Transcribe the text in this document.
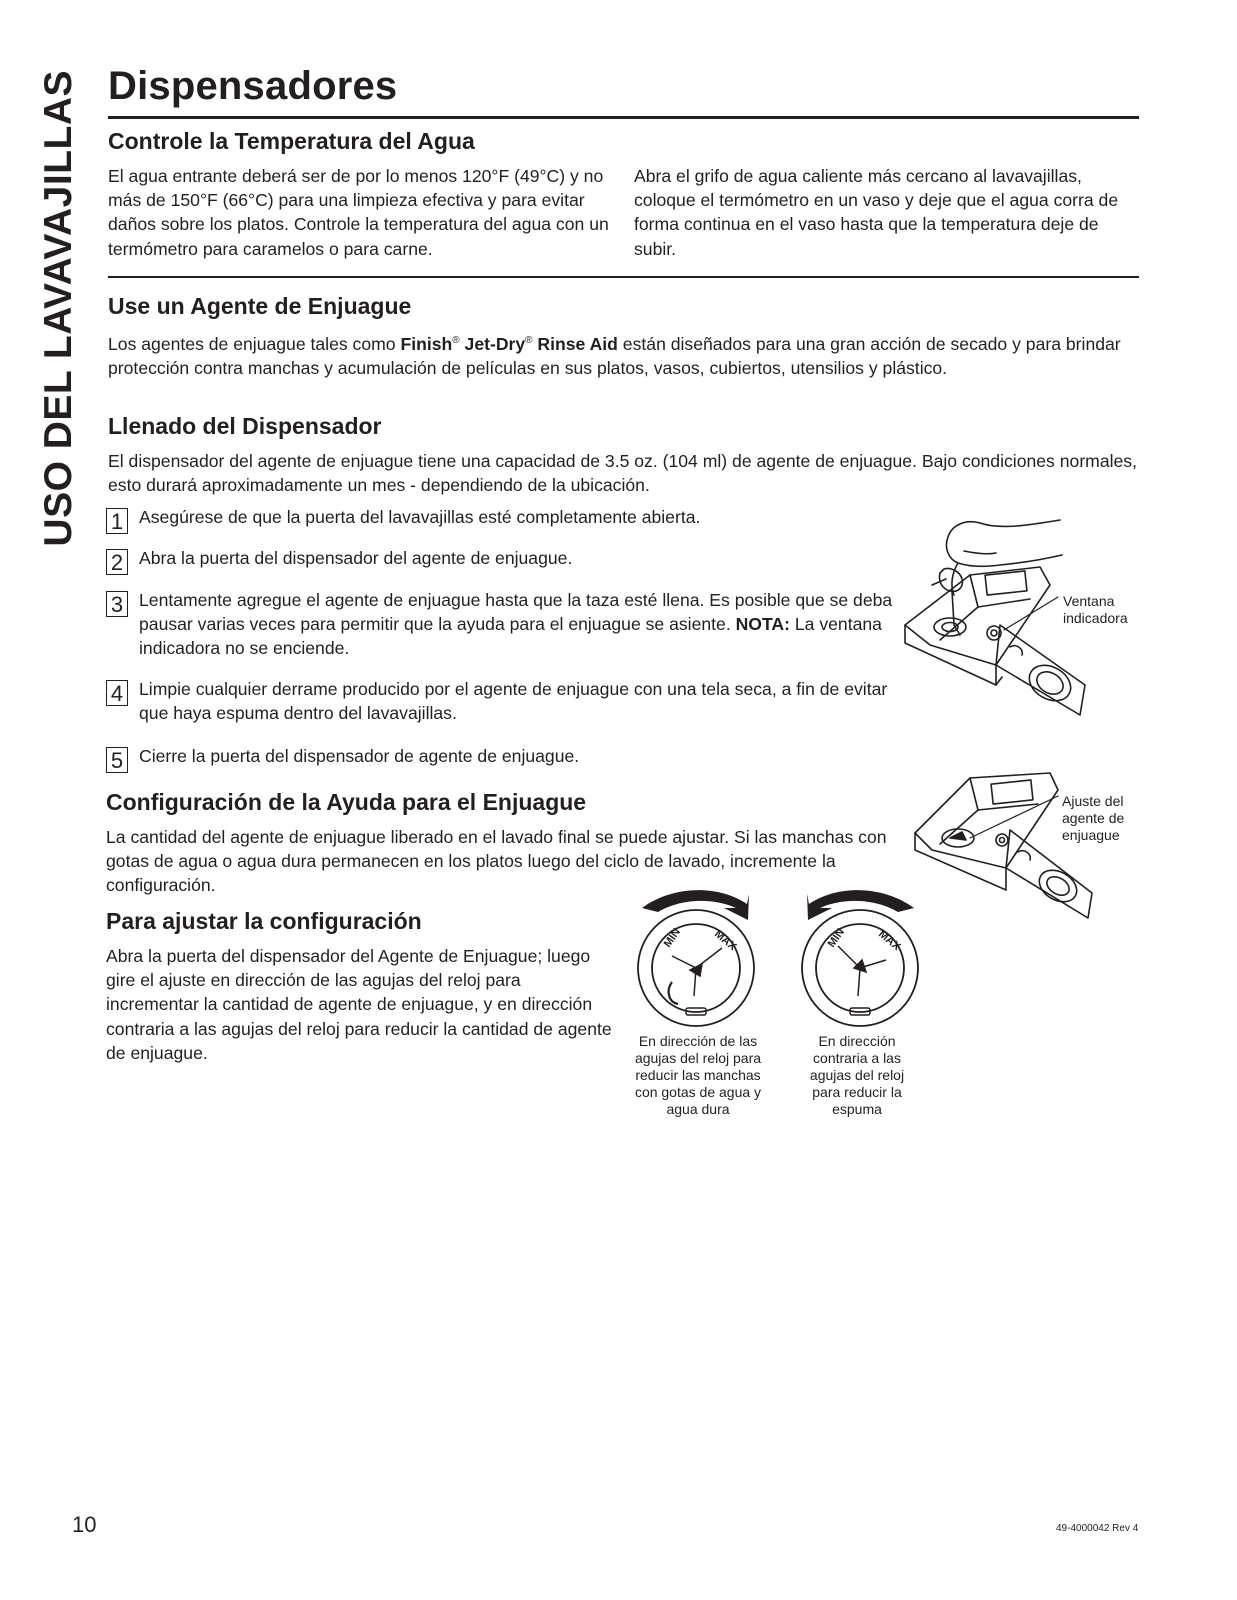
USO DEL LAVAVAJILLAS Dispensadores
Controle la Temperatura del Agua

El agua entrante deberá ser de por lo menos 120°F (49°C) y no más de 150°F (66°C) para una limpieza efectiva y para evitar daños sobre los platos. Controle la temperatura del agua con un termómetro para caramelos o para carne.

Abra el grifo de agua caliente más cercano al lavavajillas, coloque el termómetro en un vaso y deje que el agua corra de forma continua en el vaso hasta que la temperatura deje de subir.

Use un Agente de Enjuague

Los agentes de enjuague tales como Finish® Jet-Dry® Rinse Aid están diseñados para una gran acción de secado y para brindar protección contra manchas y acumulación de películas en sus platos, vasos, cubiertos, utensilios y plástico.

Llenado del Dispensador

El dispensador del agente de enjuague tiene una capacidad de 3.5 oz. (104 ml) de agente de enjuague. Bajo condiciones normales, esto durará aproximadamente un mes - dependiendo de la ubicación.

1 Asegúrese de que la puerta del lavavajillas esté completamente abierta.
2 Abra la puerta del dispensador del agente de enjuague.
3 Lentamente agregue el agente de enjuague hasta que la taza esté llena. Es posible que se deba pausar varias veces para permitir que la ayuda para el enjuague se asiente. NOTA: La ventana indicadora no se enciende.
4 Limpie cualquier derrame producido por el agente de enjuague con una tela seca, a fin de evitar que haya espuma dentro del lavavajillas.
5 Cierre la puerta del dispensador de agente de enjuague.
Configuración de la Ayuda para el Enjuague

La cantidad del agente de enjuague liberado en el lavado final se puede ajustar. Si las manchas con gotas de agua o agua dura permanecen en los platos luego del ciclo de lavado, incremente la configuración.

Para ajustar la configuración

Abra la puerta del dispensador del Agente de Enjuague; luego gire el ajuste en dirección de las agujas del reloj para incrementar la cantidad de agente de enjuague, y en dirección contraria a las agujas del reloj para reducir la cantidad de agente de enjuague.

Ventana indicadora
Ajuste del agente de enjuague
MIN	MAX
En dirección de las agujas del reloj para reducir las manchas con gotas de agua y agua dura
MIN	MAX
En dirección contraria a las agujas del reloj para reducir la espuma
10	49-4000042 Rev 4
